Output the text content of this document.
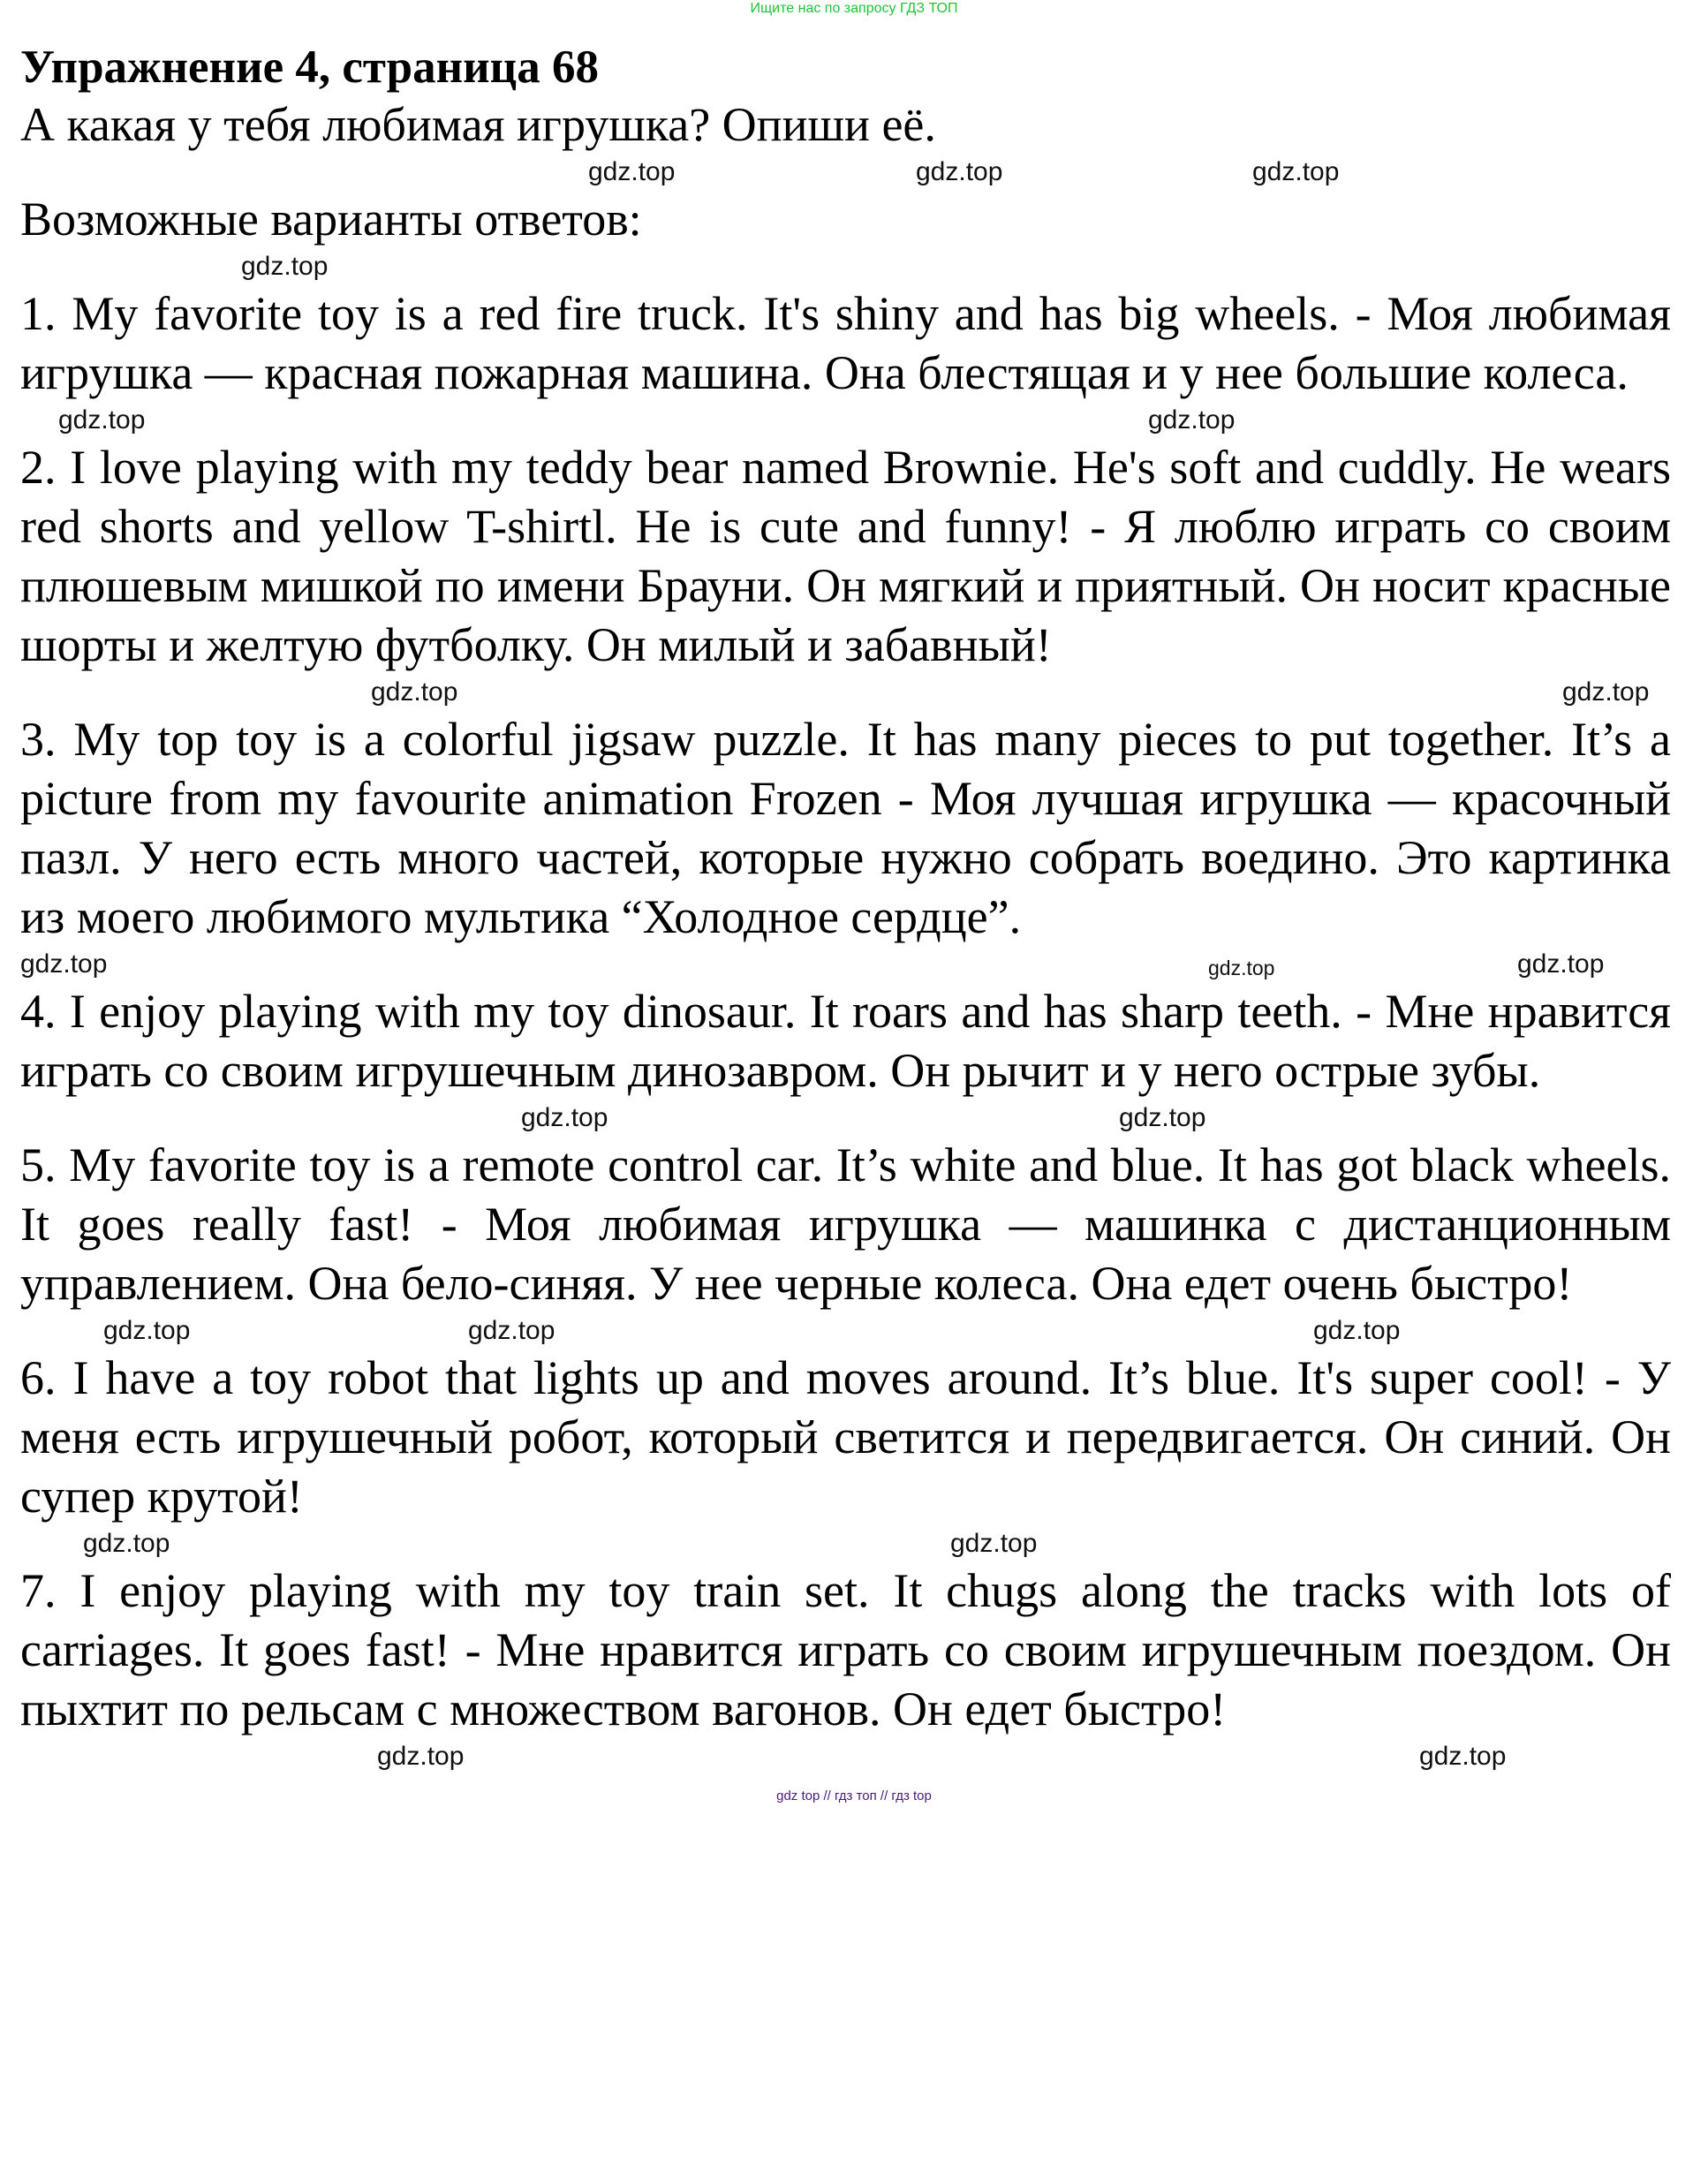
Ищите нас по запросу ГДЗ ТОП
Упражнение 4, страница 68
А какая у тебя любимая игрушка? Опиши её.
gdz.top	gdz.top	gdz.top
Возможные варианты ответов:
gdz.top
1. My favorite toy is a red fire truck. It's shiny and has big wheels. - Моя любимая игрушка — красная пожарная машина. Она блестящая и у нее большие колеса.
gdz.top	gdz.top
2. I love playing with my teddy bear named Brownie. He's soft and cuddly. He wears red shorts and yellow T-shirtl. He is cute and funny! - Я люблю играть со своим плюшевым мишкой по имени Брауни. Он мягкий и приятный. Он носит красные шорты и желтую футболку. Он милый и забавный!
gdz.top	gdz.top
3. My top toy is a colorful jigsaw puzzle. It has many pieces to put together. It’s a picture from my favourite animation Frozen - Моя лучшая игрушка — красочный пазл. У него есть много частей, которые нужно собрать воедино. Это картинка из моего любимого мультика “Холодное сердце”.
gdz.top	gdz.top	gdz.top
4. I enjoy playing with my toy dinosaur. It roars and has sharp teeth. - Мне нравится играть со своим игрушечным динозавром. Он рычит и у него острые зубы.
gdz.top	gdz.top
5. My favorite toy is a remote control car. It’s white and blue. It has got black wheels. It goes really fast! - Моя любимая игрушка — машинка с дистанционным управлением. Она бело-синяя. У нее черные колеса. Она едет очень быстро!
gdz.top	gdz.top	gdz.top
6. I have a toy robot that lights up and moves around. It’s blue. It's super cool! - У меня есть игрушечный робот, который светится и передвигается. Он синий. Он супер крутой!
gdz.top	gdz.top
7. I enjoy playing with my toy train set. It chugs along the tracks with lots of carriages. It goes fast! - Мне нравится играть со своим игрушечным поездом. Он пыхтит по рельсам с множеством вагонов. Он едет быстро!
gdz.top	gdz.top
gdz top // гдз топ // гдз top
